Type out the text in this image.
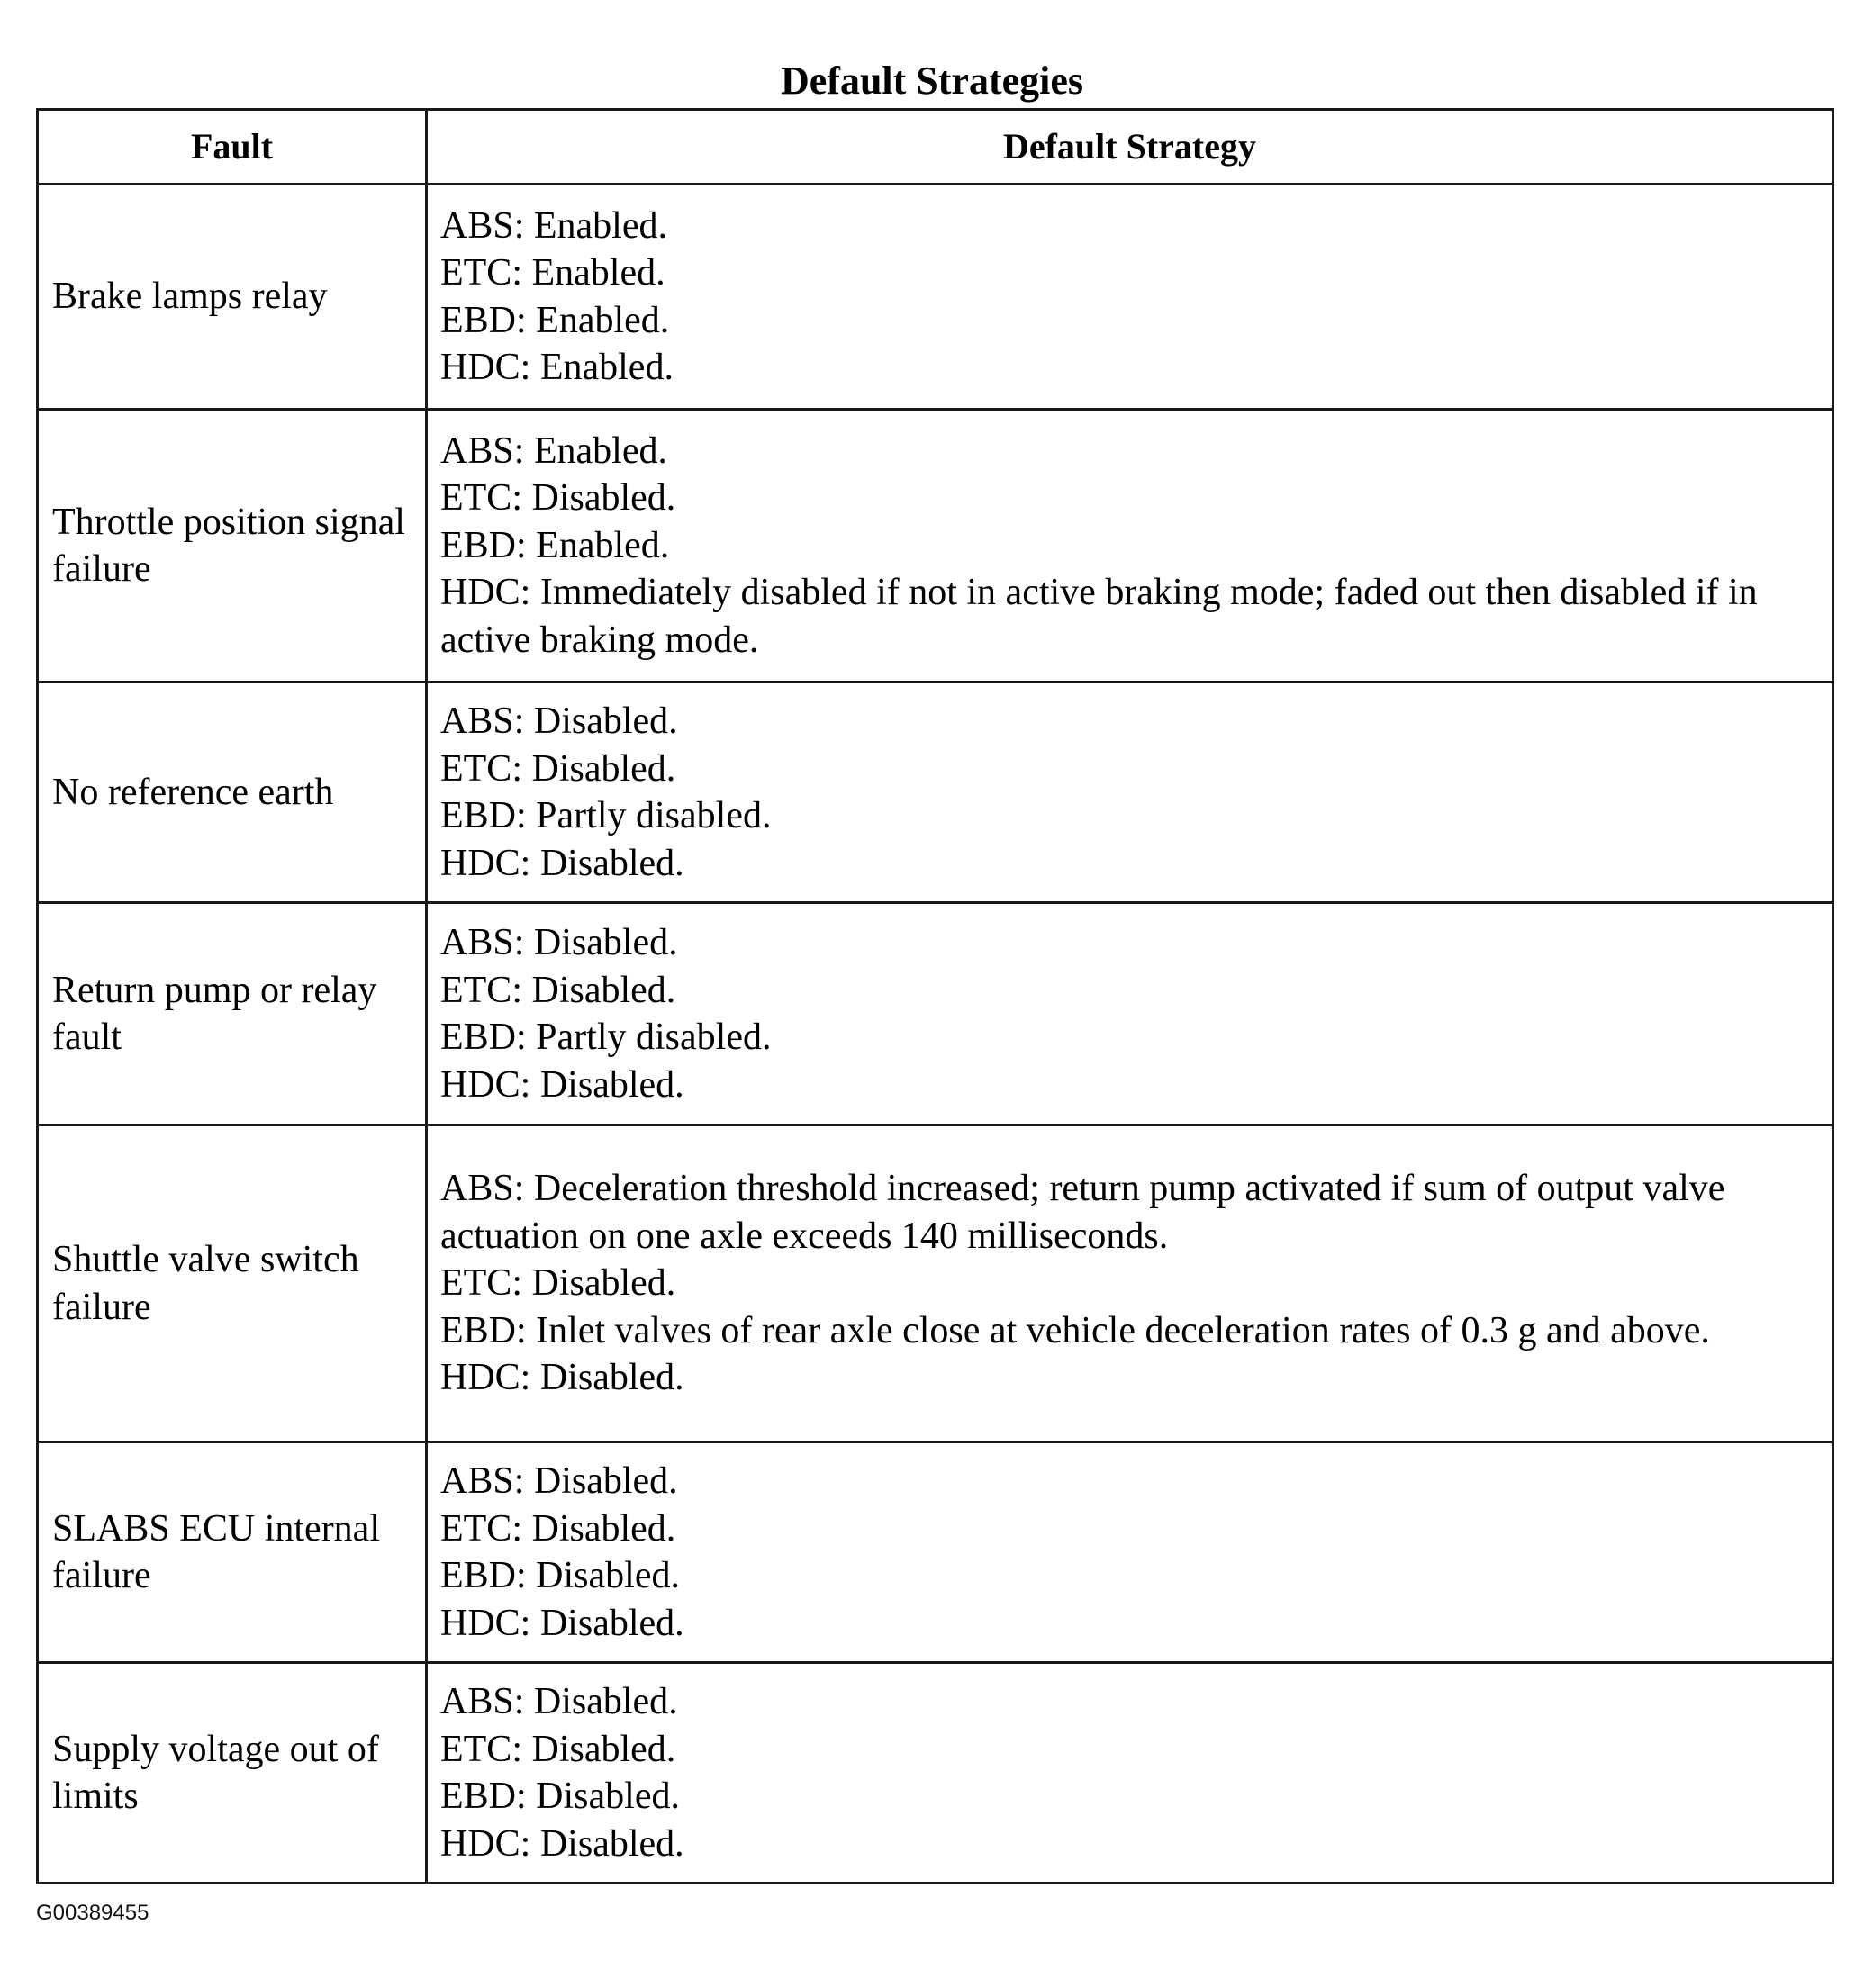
Default Strategies
Fault	Default Strategy
Brake lamps relay	ABS: Enabled.
ETC: Enabled.
EBD: Enabled.
HDC: Enabled.

Throttle position signal failure	ABS: Enabled.
ETC: Disabled.
EBD: Enabled.
HDC: Immediately disabled if not in active braking mode; faded out then disabled if in active braking mode.

No reference earth	ABS: Disabled.
ETC: Disabled.
EBD: Partly disabled.
HDC: Disabled.

Return pump or relay fault	ABS: Disabled.
ETC: Disabled.
EBD: Partly disabled.
HDC: Disabled.

Shuttle valve switch failure	ABS: Deceleration threshold increased; return pump activated if sum of output valve actuation on one axle exceeds 140 milliseconds.
ETC: Disabled.
EBD: Inlet valves of rear axle close at vehicle deceleration rates of 0.3 g and above.
HDC: Disabled.

SLABS ECU internal failure	ABS: Disabled.
ETC: Disabled.
EBD: Disabled.
HDC: Disabled.

Supply voltage out of limits	ABS: Disabled.
ETC: Disabled.
EBD: Disabled.
HDC: Disabled.
G00389455
